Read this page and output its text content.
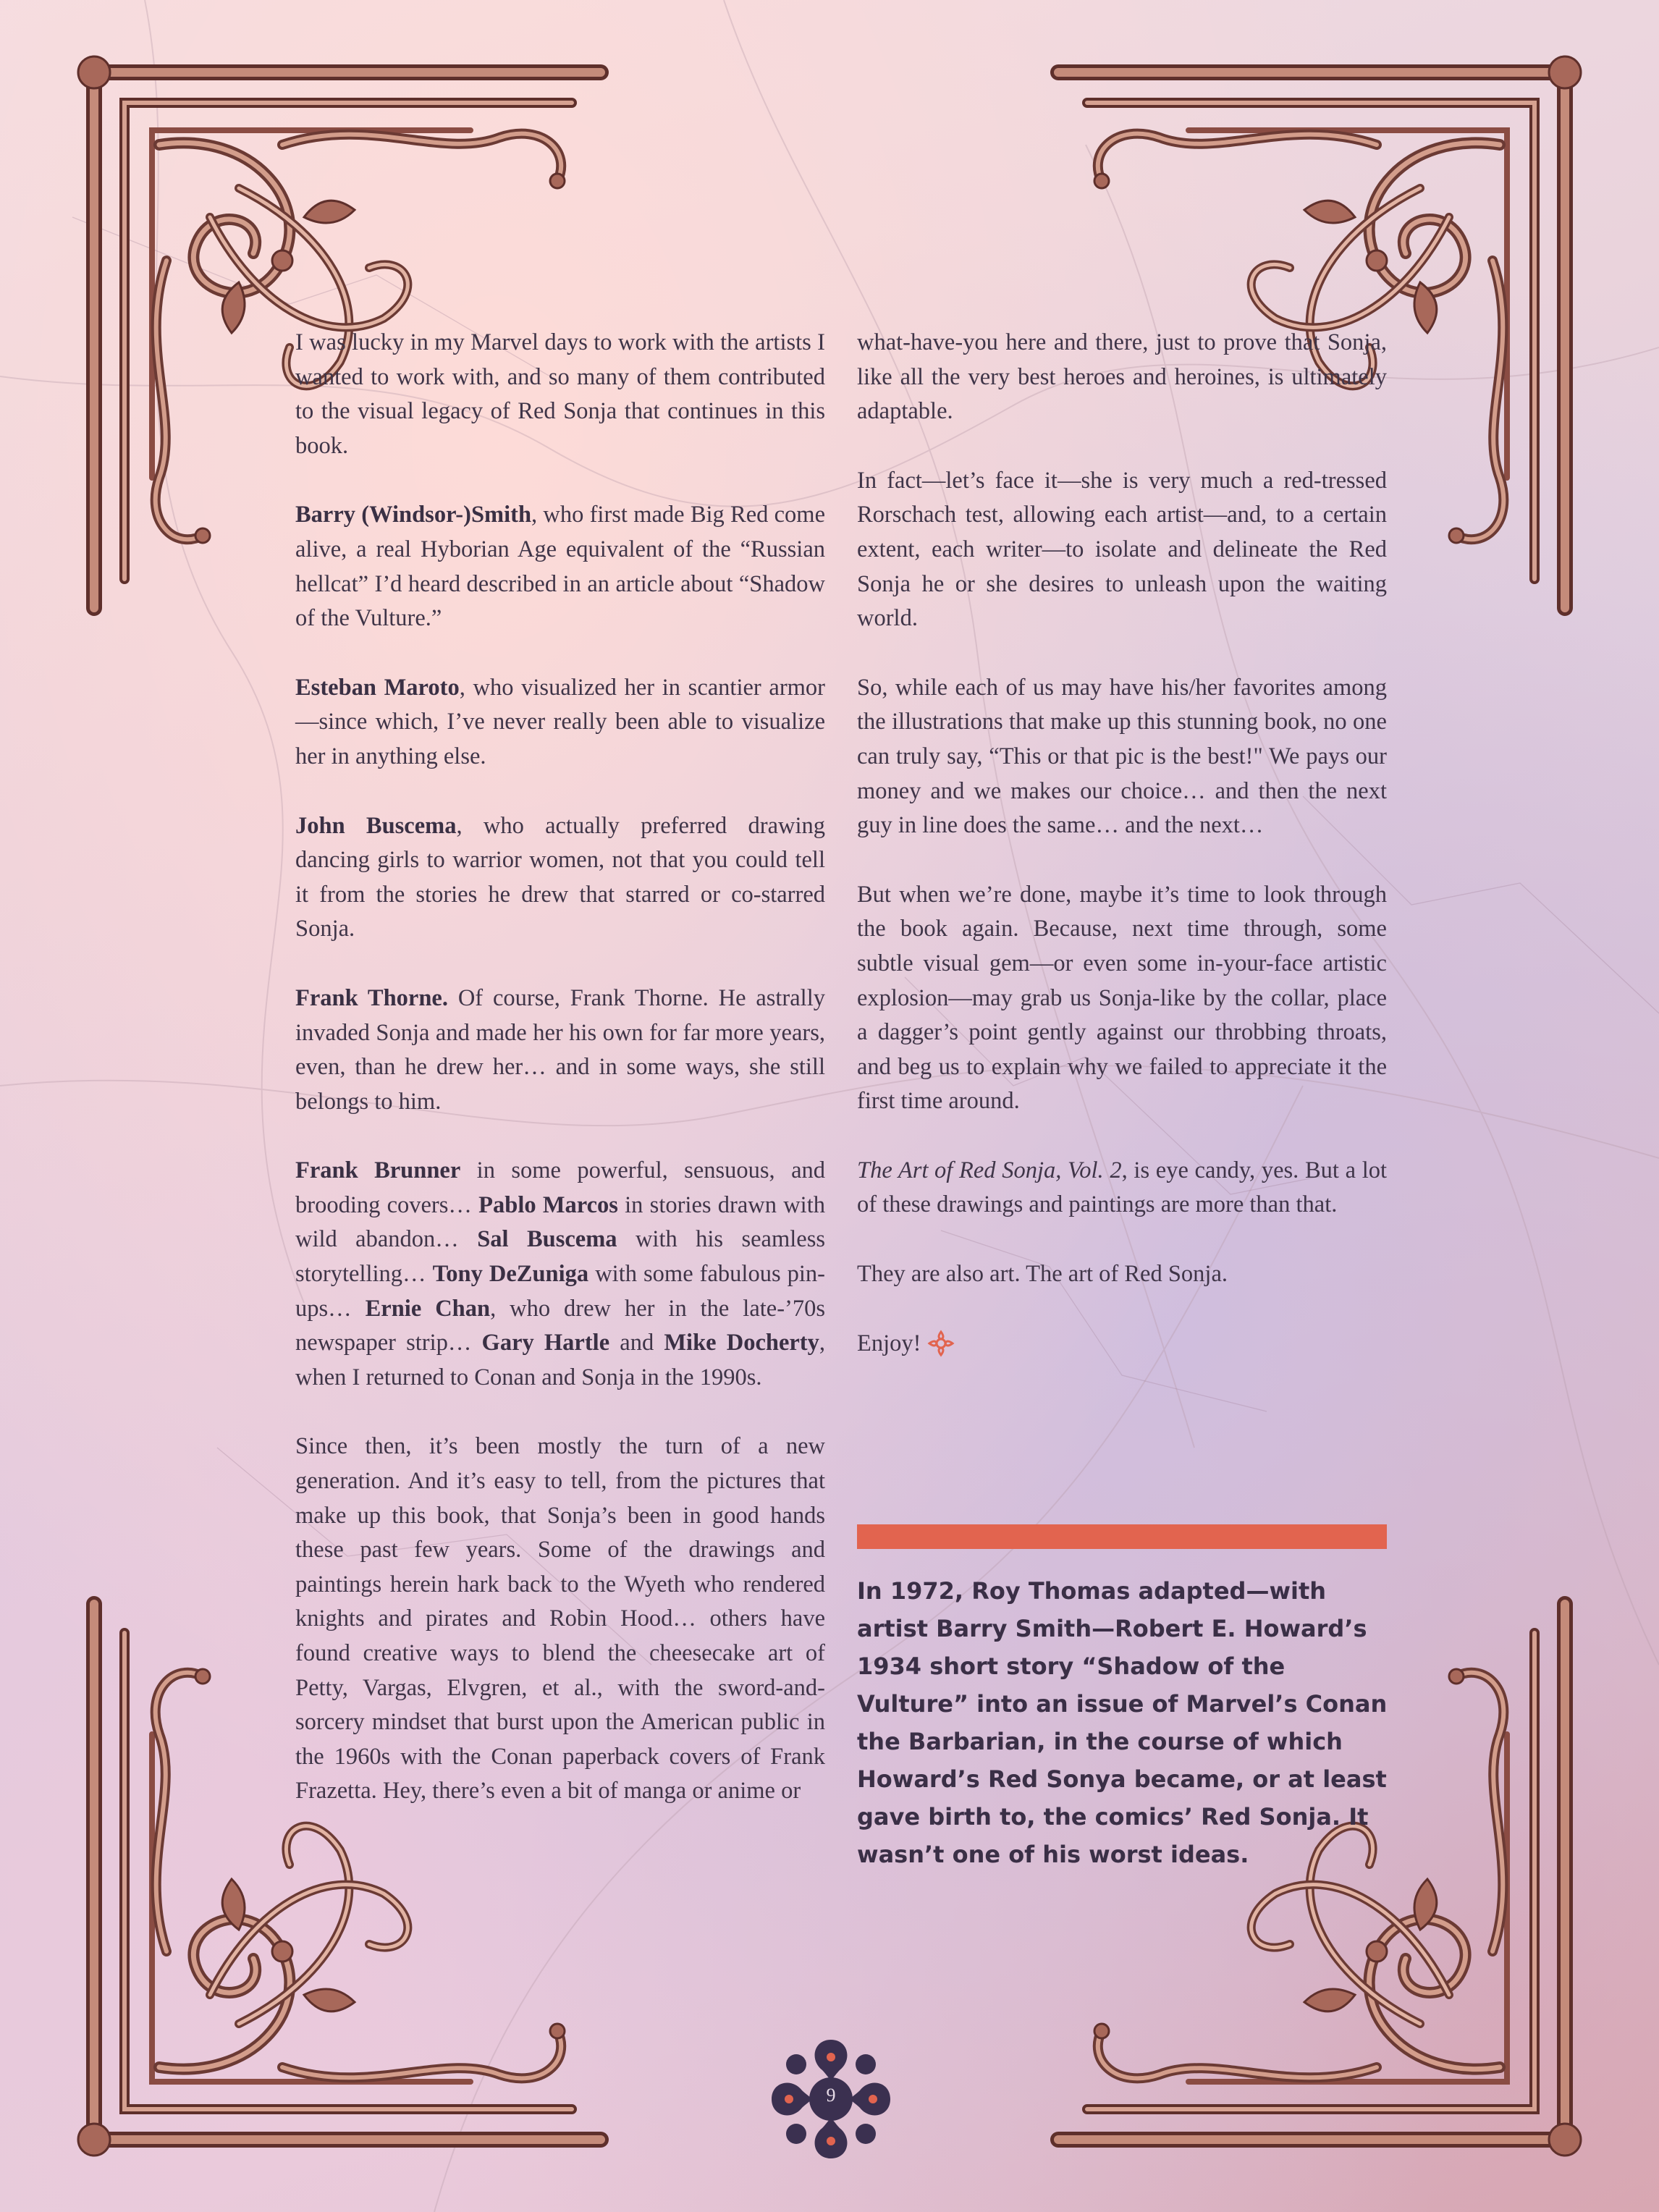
I was lucky in my Marvel days to work with the artists I wanted to work with, and so many of them contributed to the visual legacy of Red Sonja that continues in this book.

Barry (Windsor-)Smith, who first made Big Red come alive, a real Hyborian Age equivalent of the “Russian hellcat” I’d heard described in an article about “Shadow of the Vulture.”

Esteban Maroto, who visualized her in scantier armor—since which, I’ve never really been able to visualize her in anything else.

John Buscema, who actually preferred drawing dancing girls to warrior women, not that you could tell it from the stories he drew that starred or co-starred Sonja.

Frank Thorne. Of course, Frank Thorne. He astrally invaded Sonja and made her his own for far more years, even, than he drew her… and in some ways, she still belongs to him.

Frank Brunner in some powerful, sensuous, and brooding covers… Pablo Marcos in stories drawn with wild abandon… Sal Buscema with his seamless storytelling… Tony DeZuniga with some fabulous pin-ups… Ernie Chan, who drew her in the late-’70s newspaper strip… Gary Hartle and Mike Docherty, when I returned to Conan and Sonja in the 1990s.

Since then, it’s been mostly the turn of a new generation. And it’s easy to tell, from the pictures that make up this book, that Sonja’s been in good hands these past few years. Some of the drawings and paintings herein hark back to the Wyeth who rendered knights and pirates and Robin Hood… others have found creative ways to blend the cheesecake art of Petty, Vargas, Elvgren, et al., with the sword-and-sorcery mindset that burst upon the American public in the 1960s with the Conan paperback covers of Frank Frazetta. Hey, there’s even a bit of manga or anime or

what-have-you here and there, just to prove that Sonja, like all the very best heroes and heroines, is ultimately adaptable.

In fact—let’s face it—she is very much a red-tressed Rorschach test, allowing each artist—and, to a certain extent, each writer—to isolate and delineate the Red Sonja he or she desires to unleash upon the waiting world.

So, while each of us may have his/her favorites among the illustrations that make up this stunning book, no one can truly say, “This or that pic is the best!" We pays our money and we makes our choice… and then the next guy in line does the same… and the next…

But when we’re done, maybe it’s time to look through the book again. Because, next time through, some subtle visual gem—or even some in-your-face artistic explosion—may grab us Sonja-like by the collar, place a dagger’s point gently against our throbbing throats, and beg us to explain why we failed to appreciate it the first time around.

The Art of Red Sonja, Vol. 2, is eye candy, yes. But a lot of these drawings and paintings are more than that.

They are also art. The art of Red Sonja.

Enjoy!

In 1972, Roy Thomas adapted—with artist Barry Smith—Robert E. Howard’s 1934 short story “Shadow of the Vulture” into an issue of Marvel’s Conan the Barbarian, in the course of which Howard’s Red Sonya became, or at least gave birth to, the comics’ Red Sonja. It wasn’t one of his worst ideas.

9
